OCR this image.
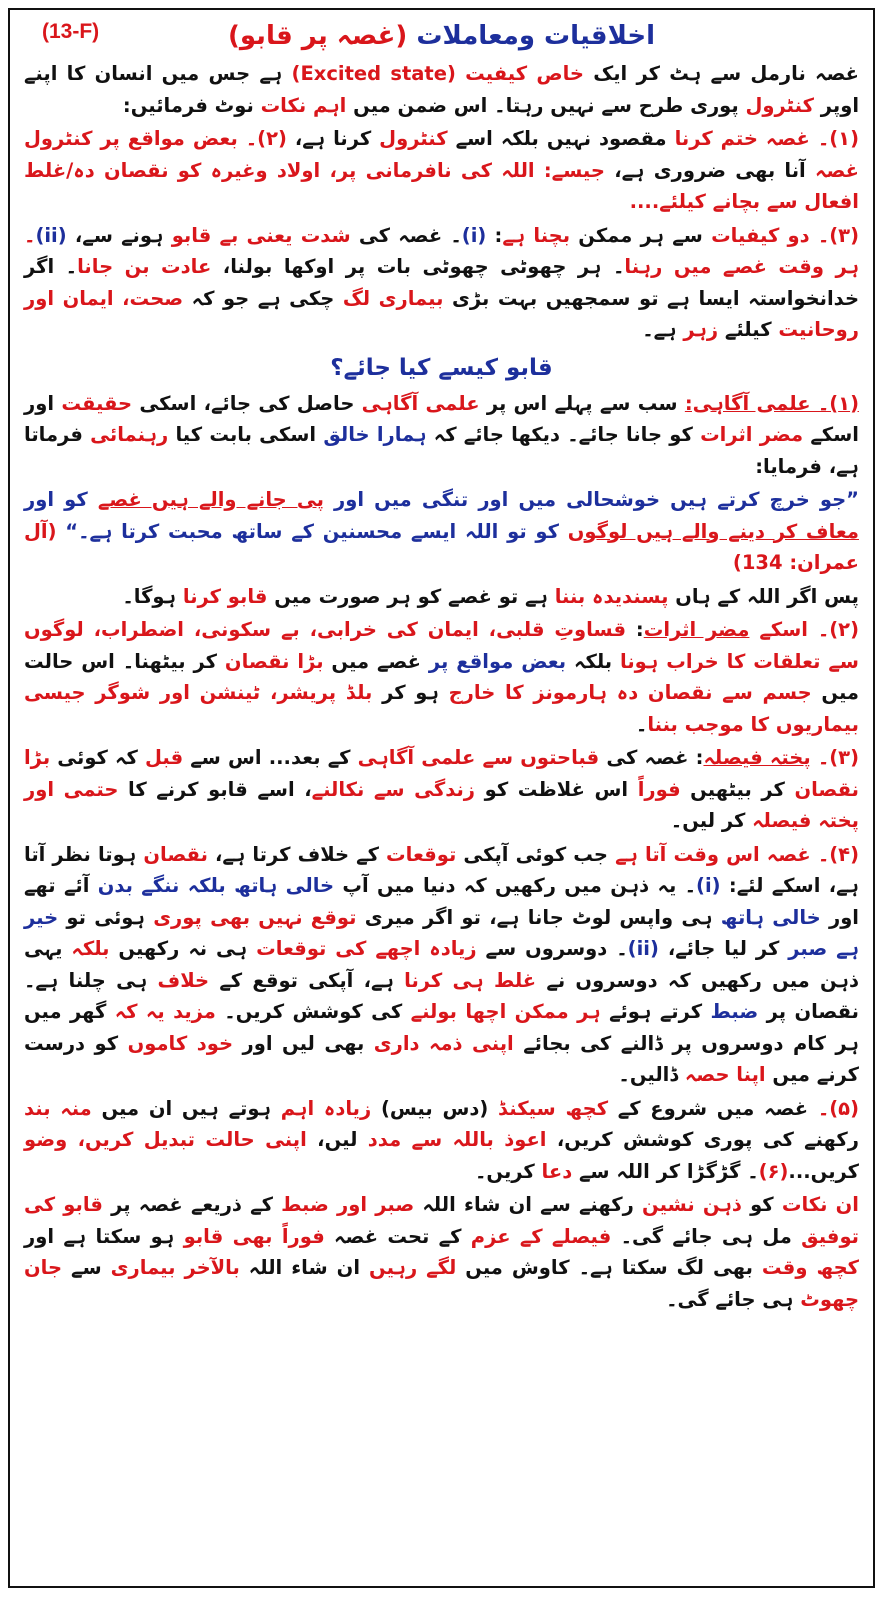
(13-F)	اخلاقیات ومعاملات (غصہ پر قابو)

غصہ نارمل سے ہٹ کر ایک خاص کیفیت (Excited state) ہے جس میں انسان کا اپنے اوپر کنٹرول پوری طرح سے نہیں رہتا۔ اس ضمن میں اہم نکات نوٹ فرمائیں:

(۱)۔ غصہ ختم کرنا مقصود نہیں بلکہ اسے کنٹرول کرنا ہے، (۲)۔ بعض مواقع پر کنٹرول غصہ آنا بھی ضروری ہے، جیسے: اللہ کی نافرمانی پر، اولاد وغیرہ کو نقصان دہ/غلط افعال سے بچانے کیلئے....

(۳)۔ دو کیفیات سے ہر ممکن بچنا ہے: (i)۔ غصہ کی شدت یعنی بے قابو ہونے سے، (ii)۔ ہر وقت غصے میں رہنا۔ ہر چھوٹی چھوٹی بات پر اوکھا بولنا، عادت بن جانا۔ اگر خدانخواستہ ایسا ہے تو سمجھیں بہت بڑی بیماری لگ چکی ہے جو کہ صحت، ایمان اور روحانیت کیلئے زہر ہے۔

قابو کیسے کیا جائے؟

(۱)۔ علمی آگاہی: سب سے پہلے اس پر علمی آگاہی حاصل کی جائے، اسکی حقیقت اور اسکے مضر اثرات کو جانا جائے۔ دیکھا جائے کہ ہمارا خالق اسکی بابت کیا رہنمائی فرماتا ہے، فرمایا:

”جو خرچ کرتے ہیں خوشحالی میں اور تنگی میں اور پی جانے والے ہیں غصے کو اور معاف کر دینے والے ہیں لوگوں کو تو اللہ ایسے محسنین کے ساتھ محبت کرتا ہے۔“ (آل عمران: 134)

پس اگر اللہ کے ہاں پسندیدہ بننا ہے تو غصے کو ہر صورت میں قابو کرنا ہوگا۔

(۲)۔ اسکے مضر اثرات: قساوتِ قلبی، ایمان کی خرابی، بے سکونی، اضطراب، لوگوں سے تعلقات کا خراب ہونا بلکہ بعض مواقع پر غصے میں بڑا نقصان کر بیٹھنا۔ اس حالت میں جسم سے نقصان دہ ہارمونز کا خارج ہو کر بلڈ پریشر، ٹینشن اور شوگر جیسی بیماریوں کا موجب بننا۔

(۳)۔ پختہ فیصلہ: غصہ کی قباحتوں سے علمی آگاہی کے بعد... اس سے قبل کہ کوئی بڑا نقصان کر بیٹھیں فوراً اس غلاظت کو زندگی سے نکالنے، اسے قابو کرنے کا حتمی اور پختہ فیصلہ کر لیں۔

(۴)۔ غصہ اس وقت آتا ہے جب کوئی آپکی توقعات کے خلاف کرتا ہے، نقصان ہوتا نظر آتا ہے، اسکے لئے: (i)۔ یہ ذہن میں رکھیں کہ دنیا میں آپ خالی ہاتھ بلکہ ننگے بدن آئے تھے اور خالی ہاتھ ہی واپس لوٹ جانا ہے، تو اگر میری توقع نہیں بھی پوری ہوئی تو خیر ہے صبر کر لیا جائے، (ii)۔ دوسروں سے زیادہ اچھے کی توقعات ہی نہ رکھیں بلکہ یہی ذہن میں رکھیں کہ دوسروں نے غلط ہی کرنا ہے، آپکی توقع کے خلاف ہی چلنا ہے۔ نقصان پر ضبط کرتے ہوئے ہر ممکن اچھا بولنے کی کوشش کریں۔ مزید یہ کہ گھر میں ہر کام دوسروں پر ڈالنے کی بجائے اپنی ذمہ داری بھی لیں اور خود کاموں کو درست کرنے میں اپنا حصہ ڈالیں۔

(۵)۔ غصہ میں شروع کے کچھ سیکنڈ (دس بیس) زیادہ اہم ہوتے ہیں ان میں منہ بند رکھنے کی پوری کوشش کریں، اعوذ باللہ سے مدد لیں، اپنی حالت تبدیل کریں، وضو کریں...(۶)۔ گڑگڑا کر اللہ سے دعا کریں۔

ان نکات کو ذہن نشین رکھنے سے ان شاء اللہ صبر اور ضبط کے ذریعے غصہ پر قابو کی توفیق مل ہی جائے گی۔ فیصلے کے عزم کے تحت غصہ فوراً بھی قابو ہو سکتا ہے اور کچھ وقت بھی لگ سکتا ہے۔ کاوش میں لگے رہیں ان شاء اللہ بالآخر بیماری سے جان چھوٹ ہی جائے گی۔
